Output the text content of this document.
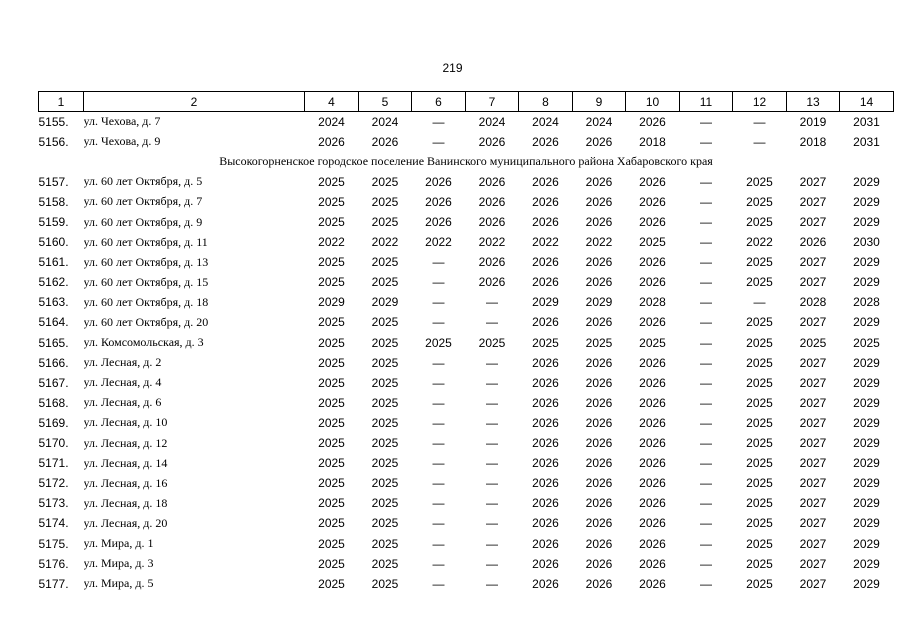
219
1	2	4	5	6	7	8	9	10	11	12	13	14
5155.	ул. Чехова, д. 7	2024	2024	—	2024	2024	2024	2026	—	—	2019	2031
5156.	ул. Чехова, д. 9	2026	2026	—	2026	2026	2026	2018	—	—	2018	2031
Высокогорненское городское поселение Ванинского муниципального района Хабаровского края												
5157.	ул. 60 лет Октября, д. 5	2025	2025	2026	2026	2026	2026	2026	—	2025	2027	2029
5158.	ул. 60 лет Октября, д. 7	2025	2025	2026	2026	2026	2026	2026	—	2025	2027	2029
5159.	ул. 60 лет Октября, д. 9	2025	2025	2026	2026	2026	2026	2026	—	2025	2027	2029
5160.	ул. 60 лет Октября, д. 11	2022	2022	2022	2022	2022	2022	2025	—	2022	2026	2030
5161.	ул. 60 лет Октября, д. 13	2025	2025	—	2026	2026	2026	2026	—	2025	2027	2029
5162.	ул. 60 лет Октября, д. 15	2025	2025	—	2026	2026	2026	2026	—	2025	2027	2029
5163.	ул. 60 лет Октября, д. 18	2029	2029	—	—	2029	2029	2028	—	—	2028	2028
5164.	ул. 60 лет Октября, д. 20	2025	2025	—	—	2026	2026	2026	—	2025	2027	2029
5165.	ул. Комсомольская, д. 3	2025	2025	2025	2025	2025	2025	2025	—	2025	2025	2025
5166.	ул. Лесная, д. 2	2025	2025	—	—	2026	2026	2026	—	2025	2027	2029
5167.	ул. Лесная, д. 4	2025	2025	—	—	2026	2026	2026	—	2025	2027	2029
5168.	ул. Лесная, д. 6	2025	2025	—	—	2026	2026	2026	—	2025	2027	2029
5169.	ул. Лесная, д. 10	2025	2025	—	—	2026	2026	2026	—	2025	2027	2029
5170.	ул. Лесная, д. 12	2025	2025	—	—	2026	2026	2026	—	2025	2027	2029
5171.	ул. Лесная, д. 14	2025	2025	—	—	2026	2026	2026	—	2025	2027	2029
5172.	ул. Лесная, д. 16	2025	2025	—	—	2026	2026	2026	—	2025	2027	2029
5173.	ул. Лесная, д. 18	2025	2025	—	—	2026	2026	2026	—	2025	2027	2029
5174.	ул. Лесная, д. 20	2025	2025	—	—	2026	2026	2026	—	2025	2027	2029
5175.	ул. Мира, д. 1	2025	2025	—	—	2026	2026	2026	—	2025	2027	2029
5176.	ул. Мира, д. 3	2025	2025	—	—	2026	2026	2026	—	2025	2027	2029
5177.	ул. Мира, д. 5	2025	2025	—	—	2026	2026	2026	—	2025	2027	2029
